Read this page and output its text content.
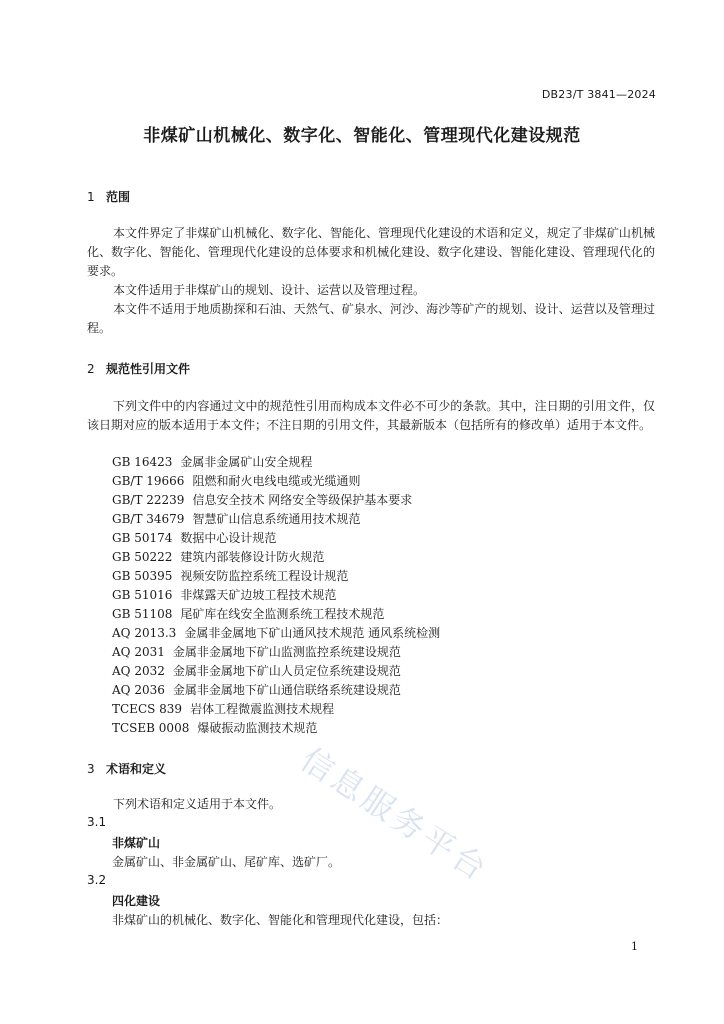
DB23/T 3841—2024
非煤矿山机械化、数字化、智能化、管理现代化建设规范
1 范围

本文件界定了非煤矿山机械化、数字化、智能化、管理现代化建设的术语和定义，规定了非煤矿山机械化、数字化、智能化、管理现代化建设的总体要求和机械化建设、数字化建设、智能化建设、管理现代化的要求。

本文件适用于非煤矿山的规划、设计、运营以及管理过程。

本文件不适用于地质勘探和石油、天然气、矿泉水、河沙、海沙等矿产的规划、设计、运营以及管理过程。

2 规范性引用文件

下列文件中的内容通过文中的规范性引用而构成本文件必不可少的条款。其中，注日期的引用文件，仅该日期对应的版本适用于本文件；不注日期的引用文件，其最新版本（包括所有的修改单）适用于本文件。

GB 16423 金属非金属矿山安全规程
GB/T 19666 阻燃和耐火电线电缆或光缆通则
GB/T 22239 信息安全技术 网络安全等级保护基本要求
GB/T 34679 智慧矿山信息系统通用技术规范
GB 50174 数据中心设计规范
GB 50222 建筑内部装修设计防火规范
GB 50395 视频安防监控系统工程设计规范
GB 51016 非煤露天矿边坡工程技术规范
GB 51108 尾矿库在线安全监测系统工程技术规范
AQ 2013.3 金属非金属地下矿山通风技术规范 通风系统检测
AQ 2031 金属非金属地下矿山监测监控系统建设规范
AQ 2032 金属非金属地下矿山人员定位系统建设规范
AQ 2036 金属非金属地下矿山通信联络系统建设规范
TCECS 839 岩体工程微震监测技术规程
TCSEB 0008 爆破振动监测技术规范
3 术语和定义

下列术语和定义适用于本文件。

3.1
非煤矿山
金属矿山、非金属矿山、尾矿库、选矿厂。
3.2
四化建设
非煤矿山的机械化、数字化、智能化和管理现代化建设，包括：
1
信息服务平台
